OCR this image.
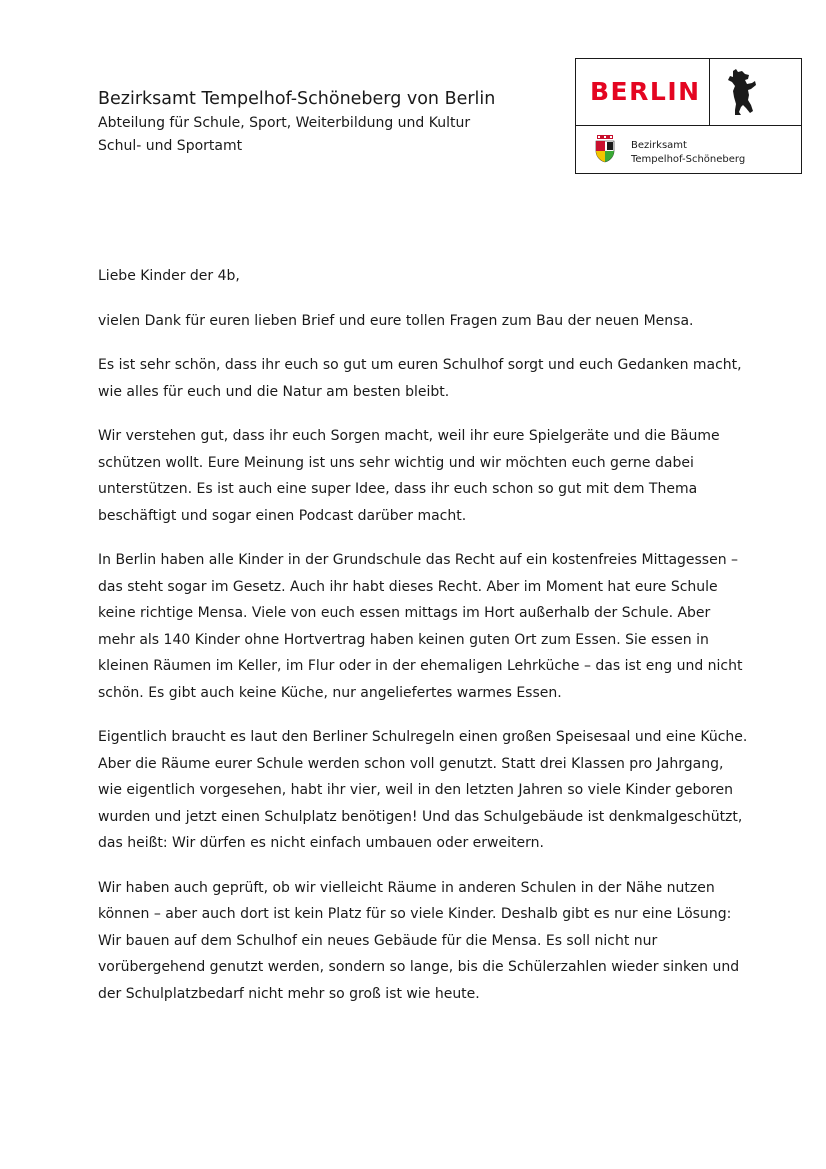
Bezirksamt Tempelhof-Schöneberg von Berlin

Abteilung für Schule, Sport, Weiterbildung und Kultur

Schul- und Sportamt

BERLIN

Bezirksamt
Tempelhof-Schöneberg

Liebe Kinder der 4b,

vielen Dank für euren lieben Brief und eure tollen Fragen zum Bau der neuen Mensa.

Es ist sehr schön, dass ihr euch so gut um euren Schulhof sorgt und euch Gedanken macht, wie alles für euch und die Natur am besten bleibt.

Wir verstehen gut, dass ihr euch Sorgen macht, weil ihr eure Spielgeräte und die Bäume schützen wollt. Eure Meinung ist uns sehr wichtig und wir möchten euch gerne dabei unterstützen. Es ist auch eine super Idee, dass ihr euch schon so gut mit dem Thema beschäftigt und sogar einen Podcast darüber macht.

In Berlin haben alle Kinder in der Grundschule das Recht auf ein kostenfreies Mittagessen – das steht sogar im Gesetz. Auch ihr habt dieses Recht. Aber im Moment hat eure Schule keine richtige Mensa. Viele von euch essen mittags im Hort außerhalb der Schule. Aber mehr als 140 Kinder ohne Hortvertrag haben keinen guten Ort zum Essen. Sie essen in kleinen Räumen im Keller, im Flur oder in der ehemaligen Lehrküche – das ist eng und nicht schön. Es gibt auch keine Küche, nur angeliefertes warmes Essen.

Eigentlich braucht es laut den Berliner Schulregeln einen großen Speisesaal und eine Küche. Aber die Räume eurer Schule werden schon voll genutzt. Statt drei Klassen pro Jahrgang, wie eigentlich vorgesehen, habt ihr vier, weil in den letzten Jahren so viele Kinder geboren wurden und jetzt einen Schulplatz benötigen! Und das Schulgebäude ist denkmalgeschützt, das heißt: Wir dürfen es nicht einfach umbauen oder erweitern.

Wir haben auch geprüft, ob wir vielleicht Räume in anderen Schulen in der Nähe nutzen können – aber auch dort ist kein Platz für so viele Kinder. Deshalb gibt es nur eine Lösung: Wir bauen auf dem Schulhof ein neues Gebäude für die Mensa. Es soll nicht nur vorübergehend genutzt werden, sondern so lange, bis die Schülerzahlen wieder sinken und der Schulplatzbedarf nicht mehr so groß ist wie heute.
